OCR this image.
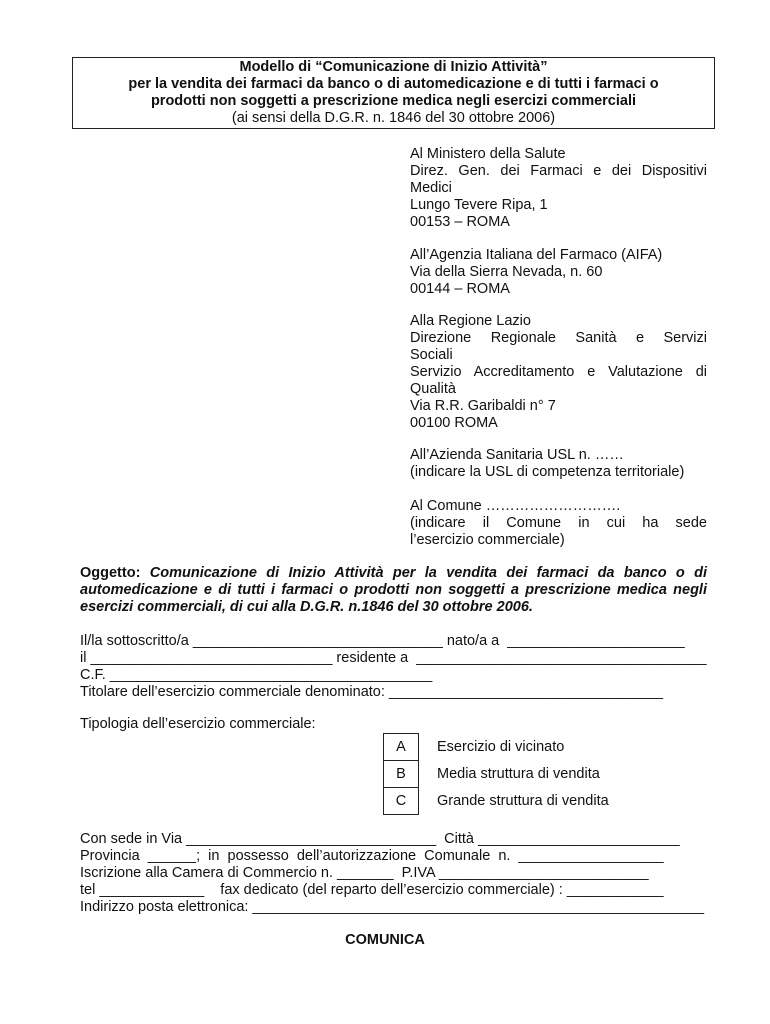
Modello di “Comunicazione di Inizio Attività”
per la vendita dei farmaci da banco o di automedicazione e di tutti i farmaci o
prodotti non soggetti a prescrizione medica negli esercizi commerciali
(ai sensi della D.G.R. n. 1846 del 30 ottobre 2006)
Al Ministero della Salute
Direz. Gen. dei Farmaci e dei Dispositivi
Medici
Lungo Tevere Ripa, 1
00153 – ROMA
All’Agenzia Italiana del Farmaco (AIFA)
Via della Sierra Nevada, n. 60
00144 – ROMA
Alla Regione Lazio
Direzione Regionale Sanità e Servizi
Sociali
Servizio Accreditamento e Valutazione di
Qualità
Via R.R. Garibaldi n° 7
00100 ROMA
All’Azienda Sanitaria USL n. ……
(indicare la USL di competenza territoriale)
Al Comune ……………………….
(indicare il Comune in cui ha sede
l’esercizio commerciale)
Oggetto: Comunicazione di Inizio Attività per la vendita dei farmaci da banco o di automedicazione e di tutti i farmaci o prodotti non soggetti a prescrizione medica negli esercizi commerciali, di cui alla D.G.R. n.1846 del 30 ottobre 2006.
Il/la sottoscritto/a _______________________________ nato/a a  ______________________
il ______________________________ residente a  ____________________________________
C.F. ________________________________________
Titolare dell’esercizio commerciale denominato: __________________________________
Tipologia dell’esercizio commerciale:
A	Esercizio di vicinato
B	Media struttura di vendita
C	Grande struttura di vendita
Con sede in Via _______________________________  Città _________________________
Provincia  ______;  in  possesso  dell’autorizzazione  Comunale  n.  __________________
Iscrizione alla Camera di Commercio n. _______  P.IVA __________________________
tel _____________    fax dedicato (del reparto dell’esercizio commerciale) : ____________
Indirizzo posta elettronica: ________________________________________________________
COMUNICA
